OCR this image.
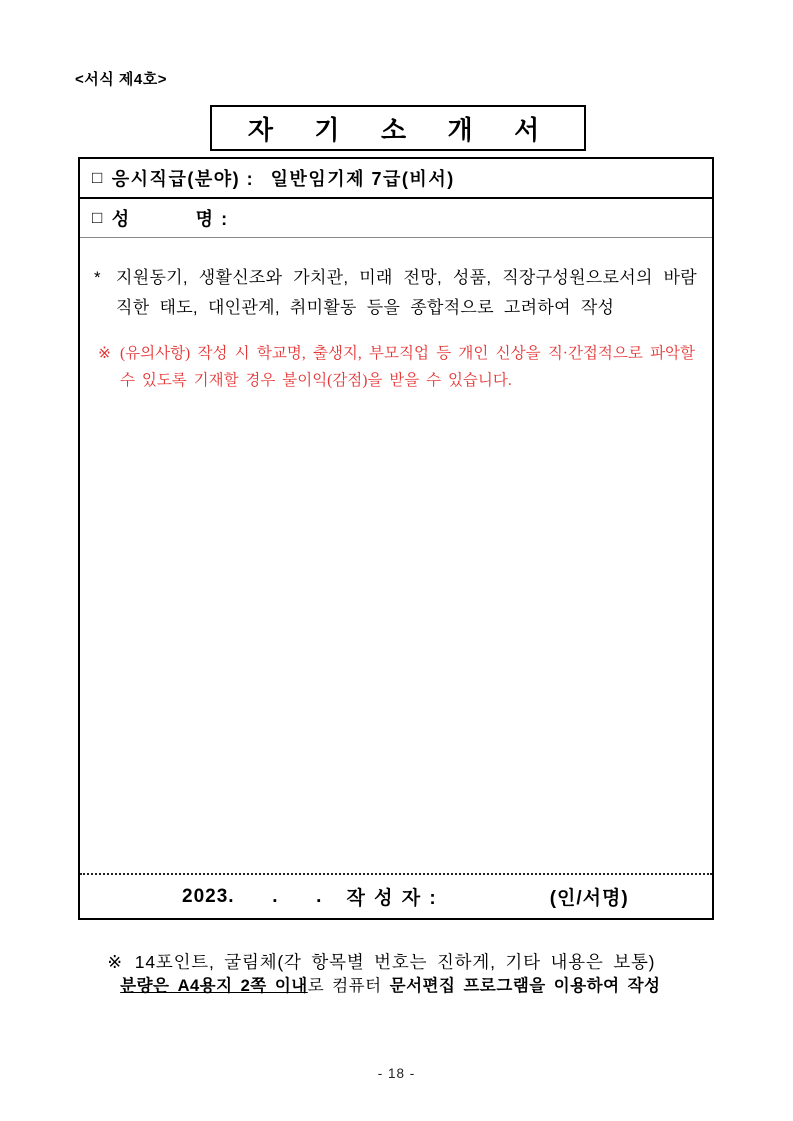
<서식 제4호>
자  기  소  개  서
□ 응시직급(분야) : 일반임기제 7급(비서)
□ 성          명 :
* 지원동기, 생활신조와 가치관, 미래 전망, 성품, 직장구성원으로서의 바람직한 태도, 대인관계, 취미활동 등을 종합적으로 고려하여 작성
※ (유의사항) 작성 시 학교명, 출생지, 부모직업 등 개인 신상을 직·간접적으로 파악할 수 있도록 기재할 경우 불이익(감점)을 받을 수 있습니다.
2023.      .      . 작 성 자 :	(인/서명)

※ 14포인트, 굴림체(각 항목별 번호는 진하게, 기타 내용은 보통)

분량은 A4용지 2쪽 이내로 컴퓨터 문서편집 프로그램을 이용하여 작성

- 18 -
